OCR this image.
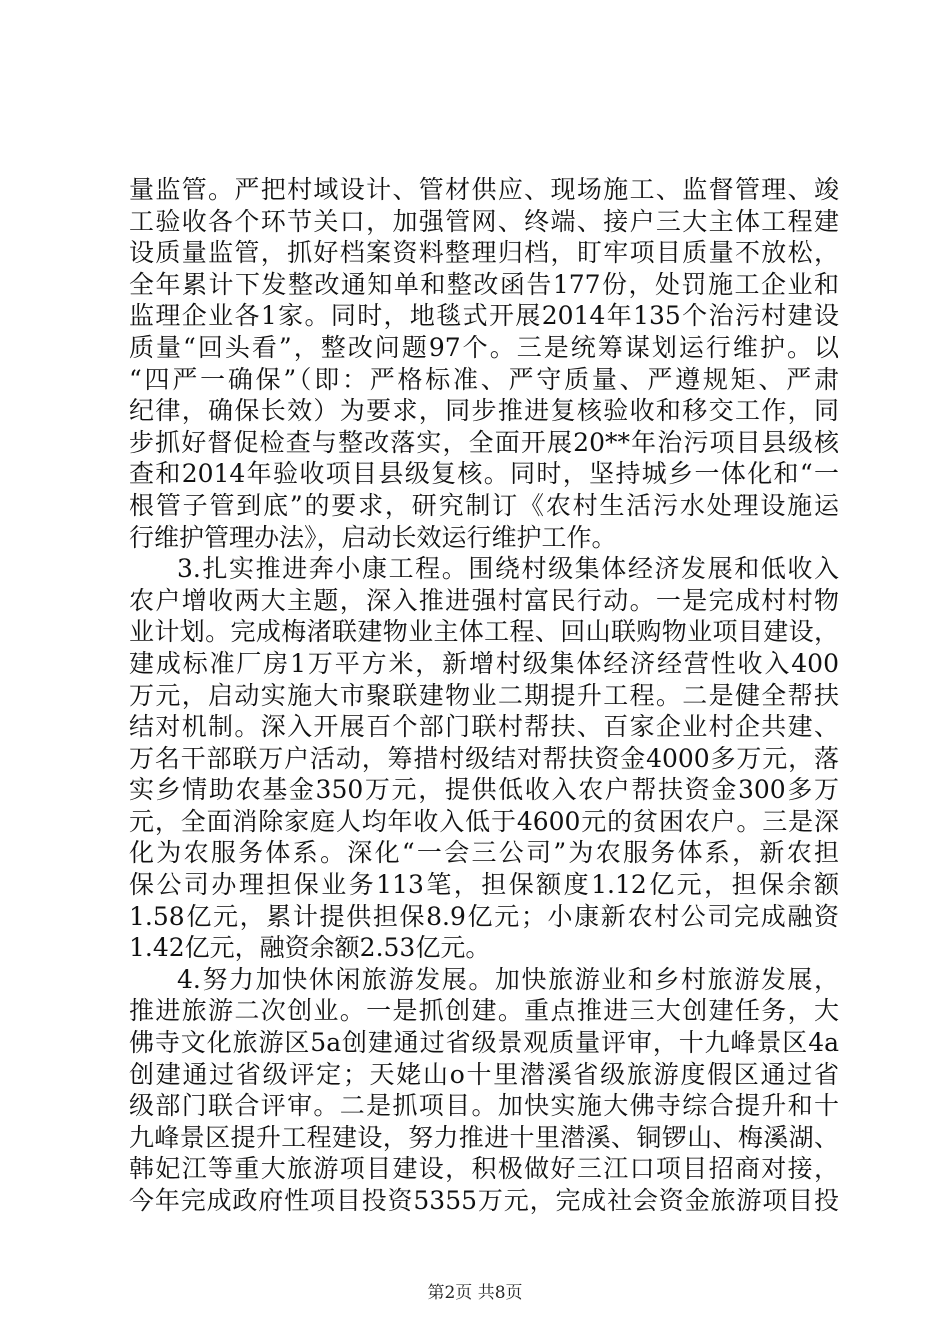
量监管。严把村域设计、管材供应、现场施工、监督管理、竣
工验收各个环节关口，加强管网、终端、接户三大主体工程建
设质量监管，抓好档案资料整理归档，盯牢项目质量不放松，
全年累计下发整改通知单和整改函告177份，处罚施工企业和
监理企业各1家。同时，地毯式开展2014年135个治污村建设
质量“回头看”，整改问题97个。三是统筹谋划运行维护。以
“四严一确保”（即：严格标准、严守质量、严遵规矩、严肃
纪律，确保长效）为要求，同步推进复核验收和移交工作，同
步抓好督促检查与整改落实，全面开展20**年治污项目县级核
查和2014年验收项目县级复核。同时，坚持城乡一体化和“一
根管子管到底”的要求，研究制订《农村生活污水处理设施运
行维护管理办法》，启动长效运行维护工作。
3.扎实推进奔小康工程。围绕村级集体经济发展和低收入
农户增收两大主题，深入推进强村富民行动。一是完成村村物
业计划。完成梅渚联建物业主体工程、回山联购物业项目建设，
建成标准厂房1万平方米，新增村级集体经济经营性收入400
万元，启动实施大市聚联建物业二期提升工程。二是健全帮扶
结对机制。深入开展百个部门联村帮扶、百家企业村企共建、
万名干部联万户活动，筹措村级结对帮扶资金4000多万元，落
实乡情助农基金350万元，提供低收入农户帮扶资金300多万
元，全面消除家庭人均年收入低于4600元的贫困农户。三是深
化为农服务体系。深化“一会三公司”为农服务体系，新农担
保公司办理担保业务113笔，担保额度1.12亿元，担保余额
1.58亿元，累计提供担保8.9亿元；小康新农村公司完成融资
1.42亿元，融资余额2.53亿元。
4.努力加快休闲旅游发展。加快旅游业和乡村旅游发展，
推进旅游二次创业。一是抓创建。重点推进三大创建任务，大
佛寺文化旅游区5a创建通过省级景观质量评审，十九峰景区4a
创建通过省级评定；天姥山o十里潜溪省级旅游度假区通过省
级部门联合评审。二是抓项目。加快实施大佛寺综合提升和十
九峰景区提升工程建设，努力推进十里潜溪、铜锣山、梅溪湖、
韩妃江等重大旅游项目建设，积极做好三江口项目招商对接，
今年完成政府性项目投资5355万元，完成社会资金旅游项目投
第2页 共8页
